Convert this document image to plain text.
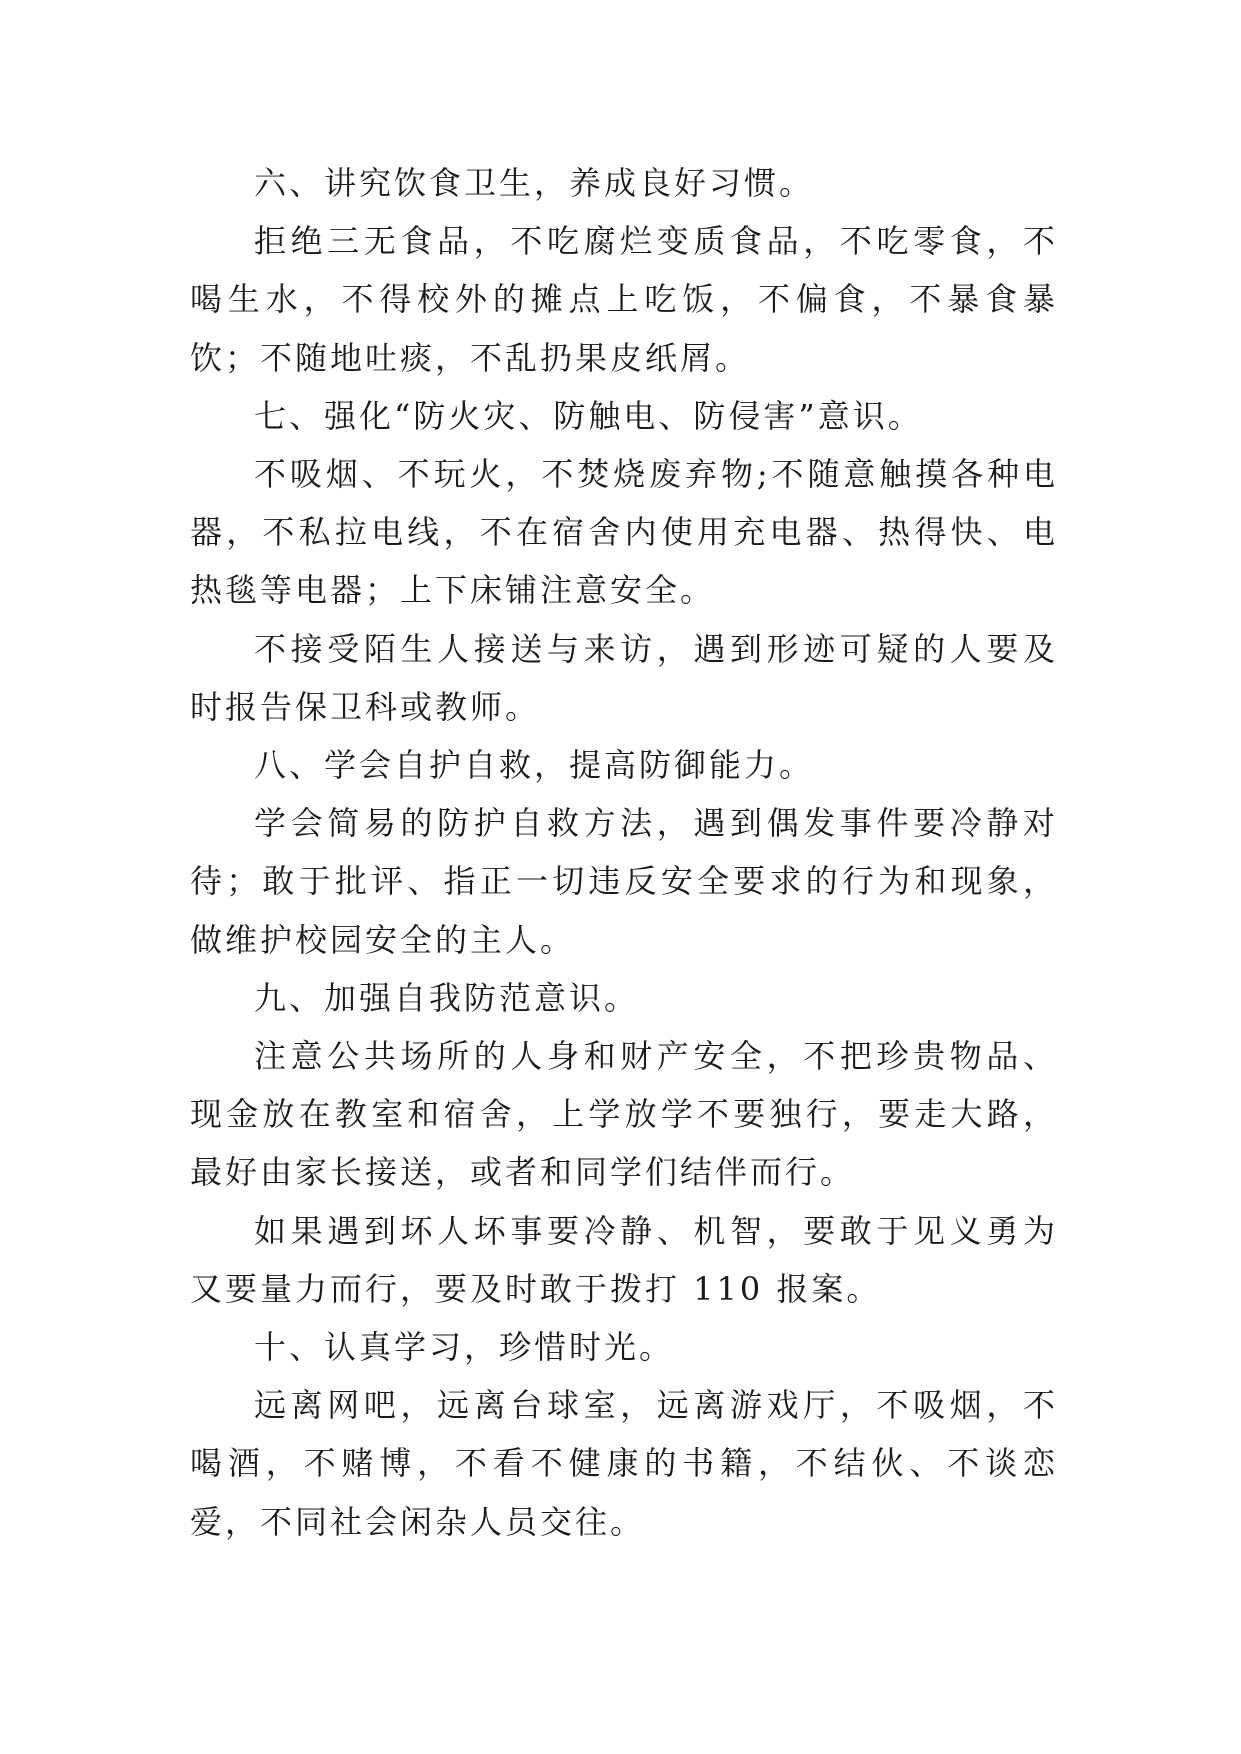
六、讲究饮食卫生，养成良好习惯。

拒绝三无食品，不吃腐烂变质食品，不吃零食，不喝生水，不得校外的摊点上吃饭，不偏食，不暴食暴饮；不随地吐痰，不乱扔果皮纸屑。

七、强化“防火灾、防触电、防侵害”意识。

不吸烟、不玩火，不焚烧废弃物;不随意触摸各种电器，不私拉电线，不在宿舍内使用充电器、热得快、电热毯等电器；上下床铺注意安全。

不接受陌生人接送与来访，遇到形迹可疑的人要及时报告保卫科或教师。

八、学会自护自救，提高防御能力。

学会简易的防护自救方法，遇到偶发事件要冷静对待；敢于批评、指正一切违反安全要求的行为和现象，做维护校园安全的主人。

九、加强自我防范意识。

注意公共场所的人身和财产安全，不把珍贵物品、现金放在教室和宿舍，上学放学不要独行，要走大路，最好由家长接送，或者和同学们结伴而行。

如果遇到坏人坏事要冷静、机智，要敢于见义勇为又要量力而行，要及时敢于拨打 110 报案。

十、认真学习，珍惜时光。

远离网吧，远离台球室，远离游戏厅，不吸烟，不喝酒，不赌博，不看不健康的书籍，不结伙、不谈恋爱，不同社会闲杂人员交往。
